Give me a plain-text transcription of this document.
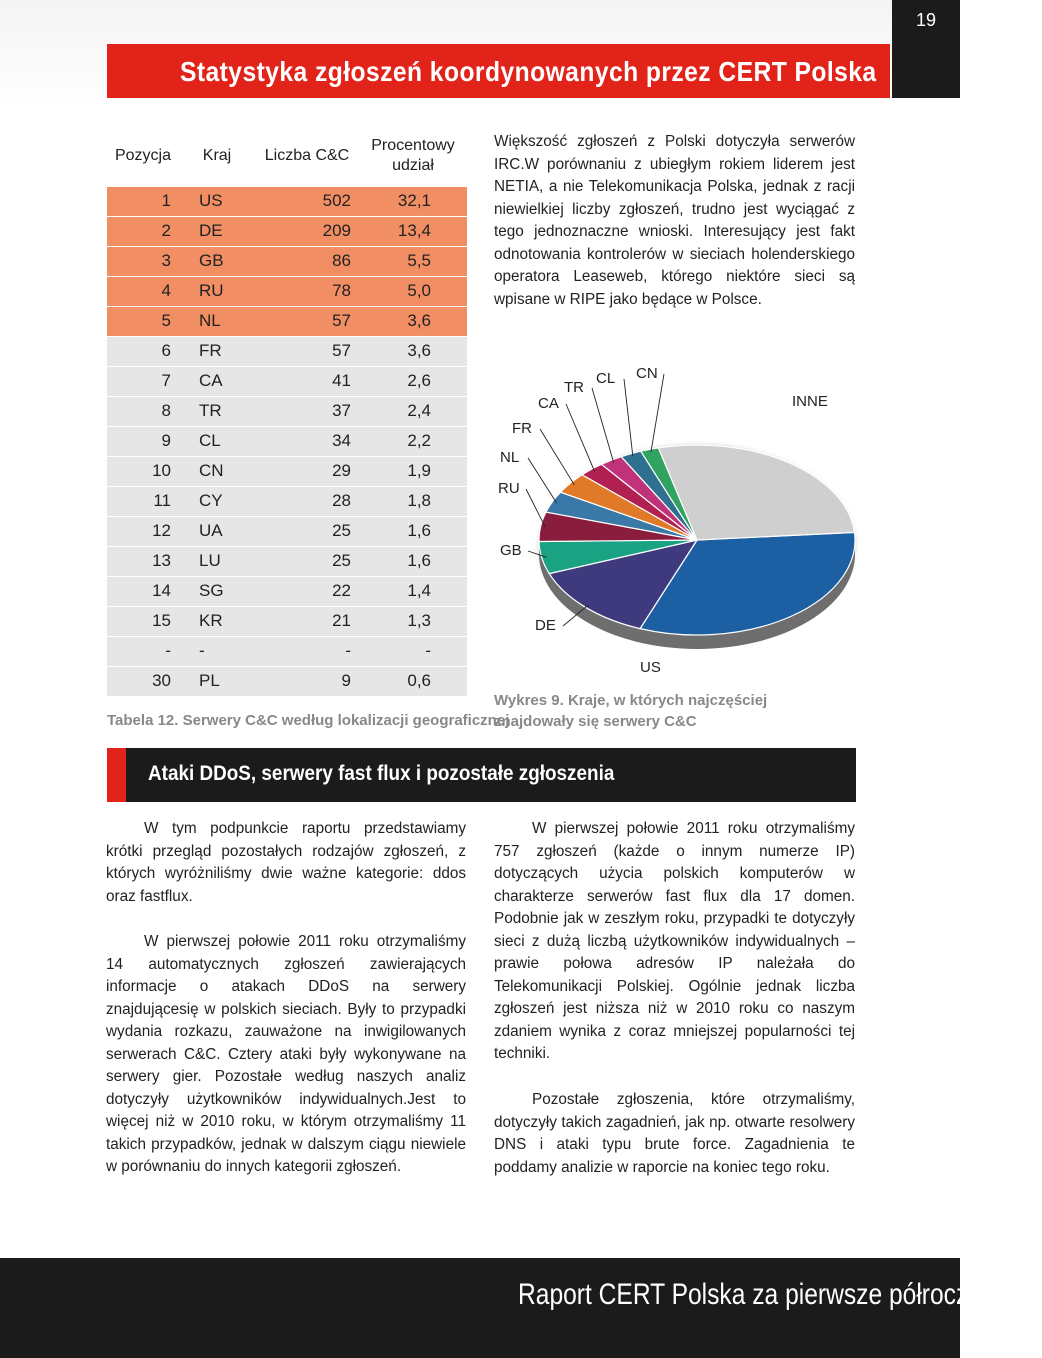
19
Statystyka zgłoszeń koordynowanych przez CERT Polska
Pozycja	Kraj	Liczba C&C	Procentowy udział
1	US	502	32,1
2	DE	209	13,4
3	GB	86	5,5
4	RU	78	5,0
5	NL	57	3,6
6	FR	57	3,6
7	CA	41	2,6
8	TR	37	2,4
9	CL	34	2,2
10	CN	29	1,9
11	CY	28	1,8
12	UA	25	1,6
13	LU	25	1,6
14	SG	22	1,4
15	KR	21	1,3
-	-	-	-
30	PL	9	0,6
Tabela 12. Serwery C&C według lokalizacji geograficznej
Większość zgłoszeń z Polski dotyczyła serwerów IRC.W porównaniu z ubiegłym rokiem liderem jest NETIA, a nie Telekomunikacja Polska, jednak z racji niewielkiej liczby zgłoszeń, trudno jest wyciągać z tego jednoznaczne wnioski. Interesujący jest fakt odnotowania kontrolerów w sieciach holenderskiego operatora Leaseweb, którego niektóre sieci są wpisane w RIPE jako będące w Polsce.
US
DE
GB
RU
NL
FR
CA
TR
CL CN
INNE
Wykres 9. Kraje, w których najczęściej znajdowały się serwery C&C
Ataki DDoS, serwery fast flux i pozostałe zgłoszenia
W tym podpunkcie raportu przedstawiamy krótki przegląd pozostałych rodzajów zgłoszeń, z których wyróżniliśmy dwie ważne kategorie: ddos oraz fastflux.
W pierwszej połowie 2011 roku otrzymaliśmy 14 automatycznych zgłoszeń zawierających informacje o atakach DDoS na serwery znajdującesię w polskich sieciach. Były to przypadki wydania rozkazu, zauważone na inwigilowanych serwerach C&C. Cztery ataki były wykonywane na serwery gier. Pozostałe według naszych analiz dotyczyły użytkowników indywidualnych.Jest to więcej niż w 2010 roku, w którym otrzymaliśmy 11 takich przypadków, jednak w dalszym ciągu niewiele w porównaniu do innych kategorii zgłoszeń.
W pierwszej połowie 2011 roku otrzymaliśmy 757 zgłoszeń (każde o innym numerze IP) dotyczących użycia polskich komputerów w charakterze serwerów fast flux dla 17 domen. Podobnie jak w zeszłym roku, przypadki te dotyczyły sieci z dużą liczbą użytkowników indywidualnych – prawie połowa adresów IP należała do Telekomunikacji Polskiej. Ogólnie jednak liczba zgłoszeń jest niższa niż w 2010 roku co naszym zdaniem wynika z coraz mniejszej popularności tej techniki.
Pozostałe zgłoszenia, które otrzymaliśmy, dotyczyły takich zagadnień, jak np. otwarte resolwery DNS i ataki typu brute force. Zagadnienia te poddamy analizie w raporcie na koniec tego roku.
Raport CERT Polska za pierwsze półrocze 2011
